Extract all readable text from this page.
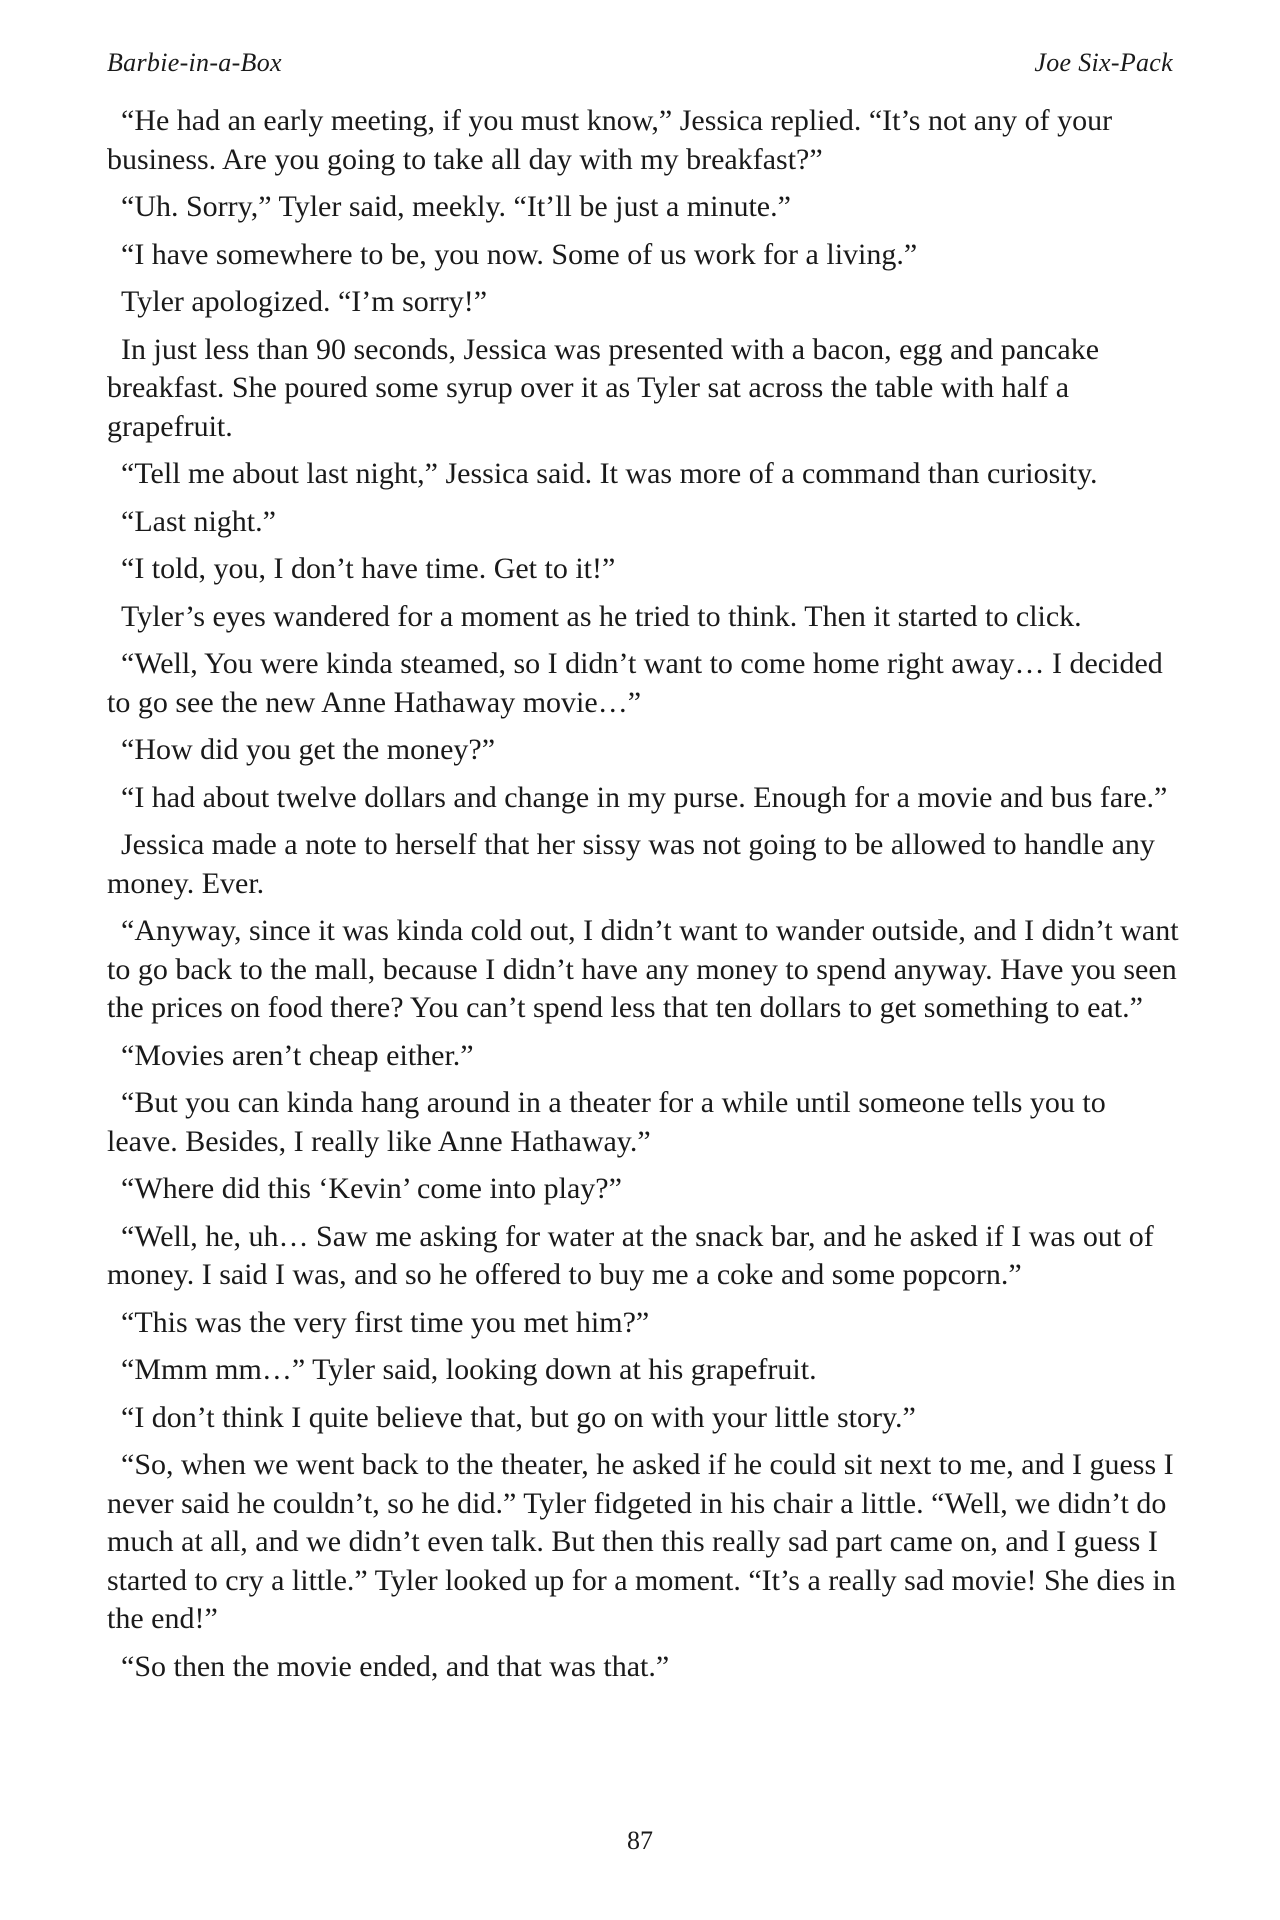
Barbie-in-a-Box	Joe Six-Pack

“He had an early meeting, if you must know,” Jessica replied. “It’s not any of your business. Are you going to take all day with my breakfast?”

“Uh. Sorry,” Tyler said, meekly. “It’ll be just a minute.”

“I have somewhere to be, you now. Some of us work for a living.”

Tyler apologized. “I’m sorry!”

In just less than 90 seconds, Jessica was presented with a bacon, egg and pancake breakfast. She poured some syrup over it as Tyler sat across the table with half a grapefruit.

“Tell me about last night,” Jessica said. It was more of a command than curiosity.

“Last night.”

“I told, you, I don’t have time. Get to it!”

Tyler’s eyes wandered for a moment as he tried to think. Then it started to click.

“Well, You were kinda steamed, so I didn’t want to come home right away… I decided to go see the new Anne Hathaway movie…”

“How did you get the money?”

“I had about twelve dollars and change in my purse. Enough for a movie and bus fare.”

Jessica made a note to herself that her sissy was not going to be allowed to handle any money. Ever.

“Anyway, since it was kinda cold out, I didn’t want to wander outside, and I didn’t want to go back to the mall, because I didn’t have any money to spend anyway. Have you seen the prices on food there? You can’t spend less that ten dollars to get something to eat.”

“Movies aren’t cheap either.”

“But you can kinda hang around in a theater for a while until someone tells you to leave. Besides, I really like Anne Hathaway.”

“Where did this ‘Kevin’ come into play?”

“Well, he, uh… Saw me asking for water at the snack bar, and he asked if I was out of money. I said I was, and so he offered to buy me a coke and some popcorn.”

“This was the very first time you met him?”

“Mmm mm…” Tyler said, looking down at his grapefruit.

“I don’t think I quite believe that, but go on with your little story.”

“So, when we went back to the theater, he asked if he could sit next to me, and I guess I never said he couldn’t, so he did.” Tyler fidgeted in his chair a little. “Well, we didn’t do much at all, and we didn’t even talk. But then this really sad part came on, and I guess I started to cry a little.” Tyler looked up for a moment. “It’s a really sad movie! She dies in the end!”

“So then the movie ended, and that was that.”

87
